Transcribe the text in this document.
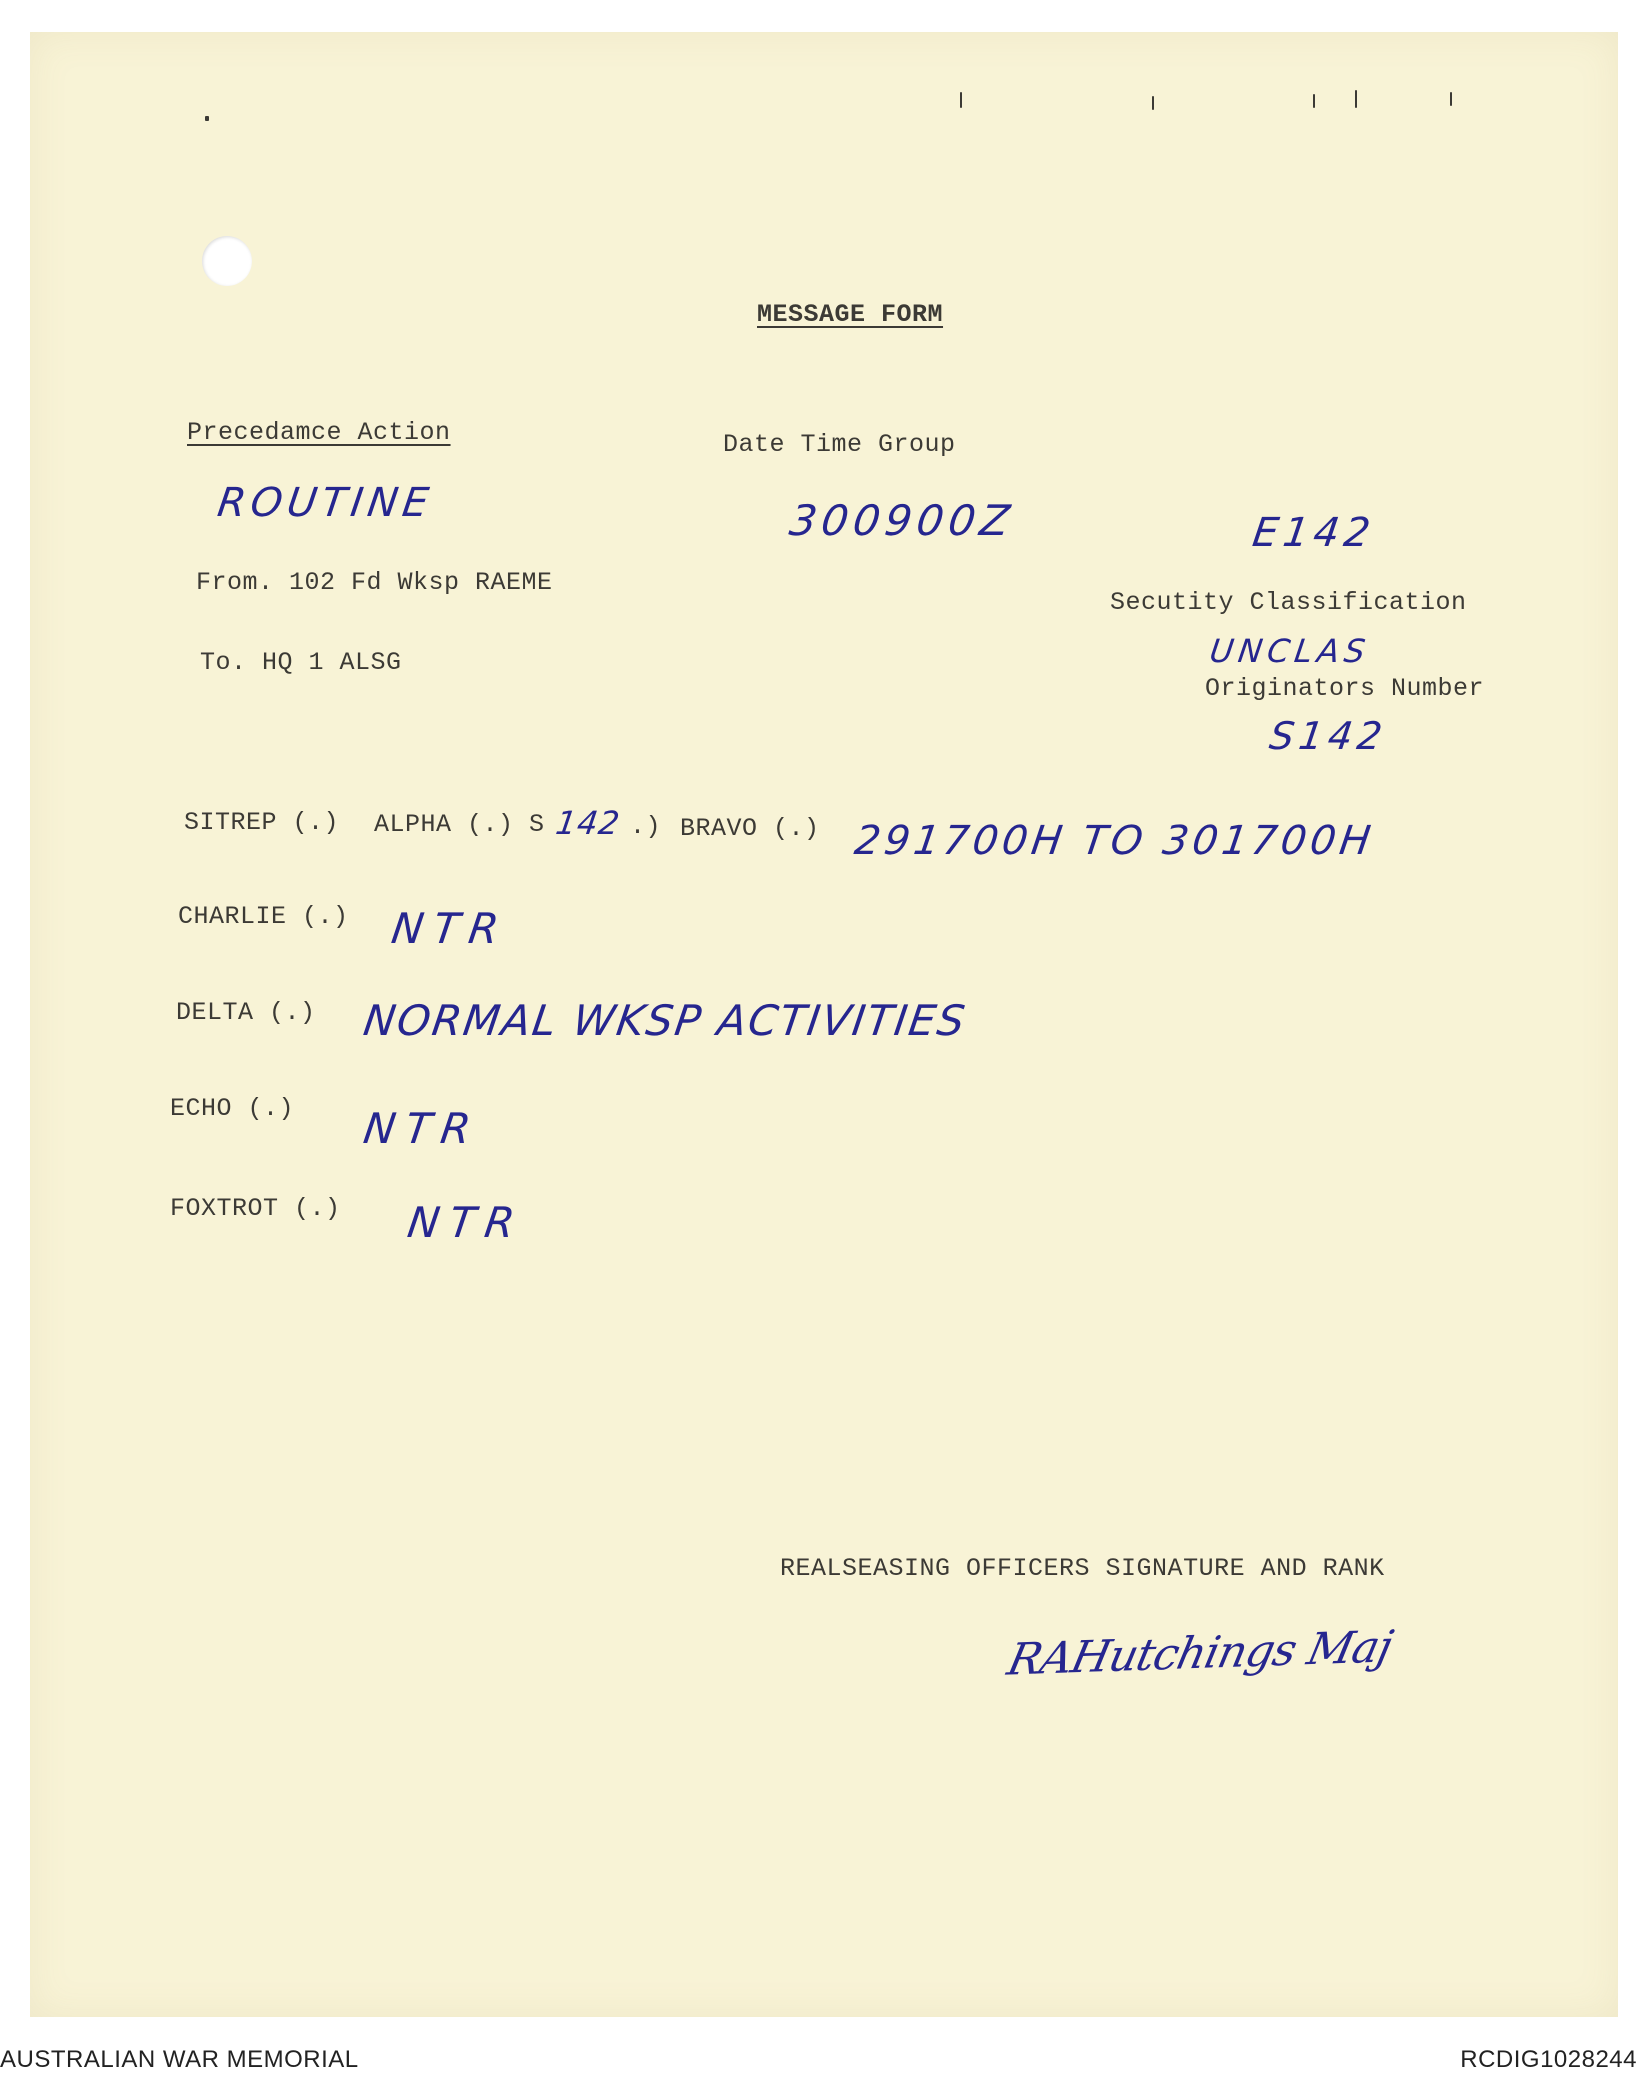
MESSAGE FORM
Precedamce Action
ROUTINE
Date Time Group
300900Z	E142
From. 102 Fd Wksp RAEME
To. HQ 1 ALSG
Secutity Classification
UNCLAS
Originators Number
S142
SITREP (.) ALPHA (.) S 142 .) BRAVO (.) 291700H TO 301700H
CHARLIE (.) NTR
DELTA (.) NORMAL WKSP ACTIVITIES
ECHO (.) NTR
FOXTROT (.) NTR
REALSEASING OFFICERS SIGNATURE AND RANK
RAHutchings Maj
AUSTRALIAN WAR MEMORIAL	RCDIG1028244
